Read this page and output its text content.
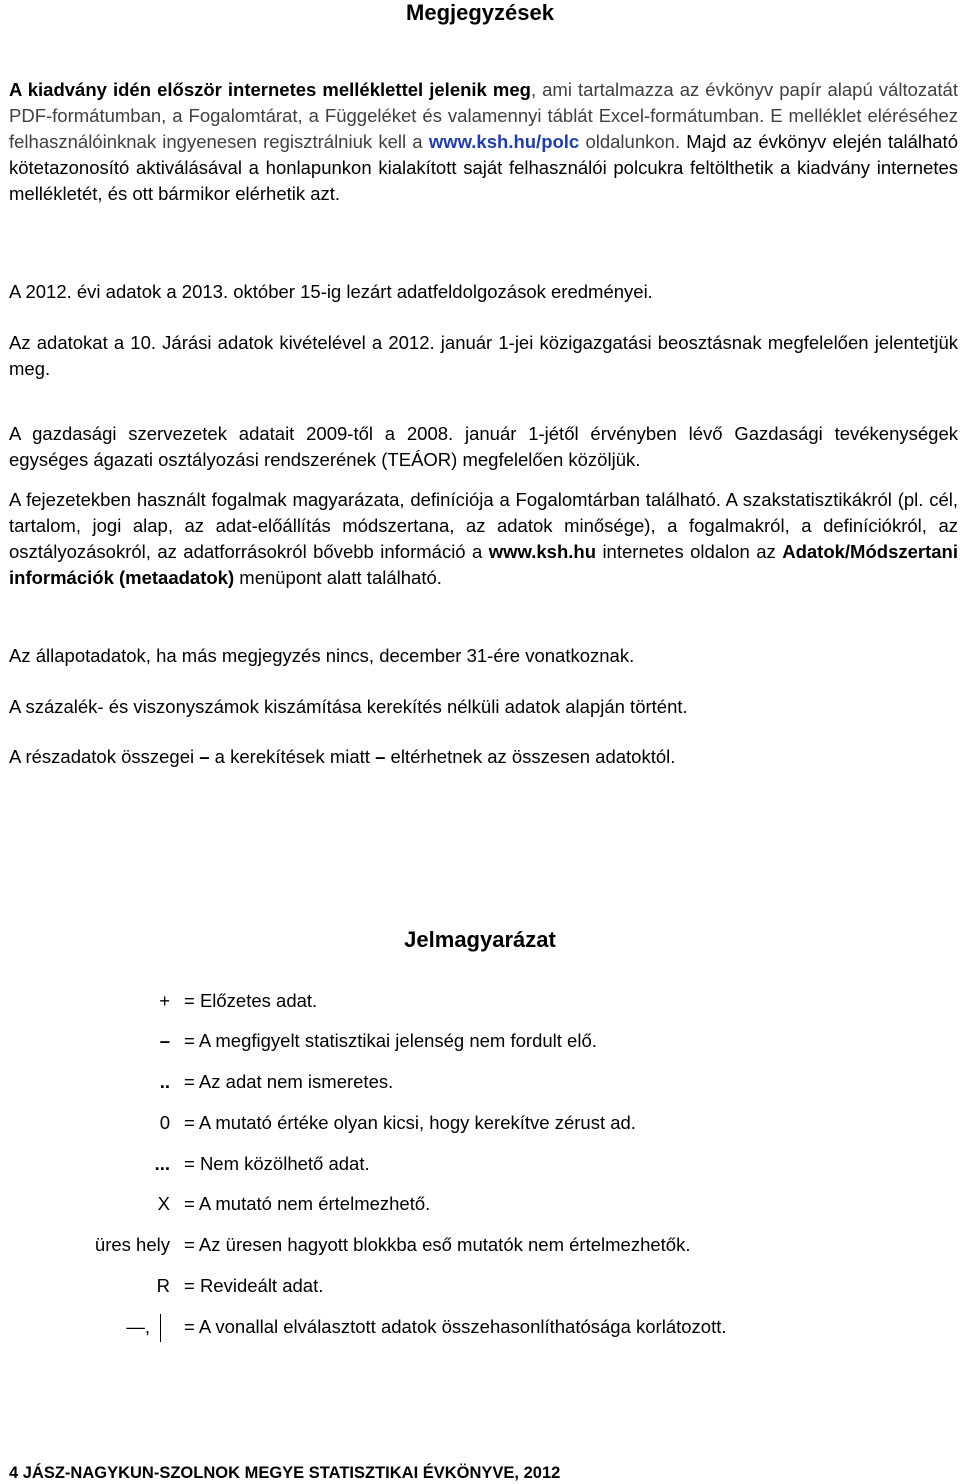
Megjegyzések
A kiadvány idén először internetes melléklettel jelenik meg, ami tartalmazza az évkönyv papír alapú változatát PDF-formátumban, a Fogalomtárat, a Függeléket és valamennyi táblát Excel-formátumban. E melléklet eléréséhez felhasználóinknak ingyenesen regisztrálniuk kell a www.ksh.hu/polc oldalunkon. Majd az évkönyv elején található kötetazonosító aktiválásával a honlapunkon kialakított saját felhasználói polcukra feltölthetik a kiadvány internetes mellékletét, és ott bármikor elérhetik azt.
A 2012. évi adatok a 2013. október 15-ig lezárt adatfeldolgozások eredményei.
Az adatokat a 10. Járási adatok kivételével a 2012. január 1-jei közigazgatási beosztásnak megfelelően jelentetjük meg.
A gazdasági szervezetek adatait 2009-től a 2008. január 1-jétől érvényben lévő Gazdasági tevékenységek egységes ágazati osztályozási rendszerének (TEÁOR) megfelelően közöljük.
A fejezetekben használt fogalmak magyarázata, definíciója a Fogalomtárban található. A szakstatisztikákról (pl. cél, tartalom, jogi alap, az adat-előállítás módszertana, az adatok minősége), a fogalmakról, a definíciókról, az osztályozásokról, az adatforrásokról bővebb információ a www.ksh.hu internetes oldalon az Adatok/Módszertani információk (metaadatok) menüpont alatt található.
Az állapotadatok, ha más megjegyzés nincs, december 31-ére vonatkoznak.
A százalék- és viszonyszámok kiszámítása kerekítés nélküli adatok alapján történt.
A részadatok összegei – a kerekítések miatt – eltérhetnek az összesen adatoktól.
Jelmagyarázat
+ = Előzetes adat.
– = A megfigyelt statisztikai jelenség nem fordult elő.
.. = Az adat nem ismeretes.
0 = A mutató értéke olyan kicsi, hogy kerekítve zérust ad.
... = Nem közölhető adat.
X = A mutató nem értelmezhető.
üres hely = Az üresen hagyott blokkba eső mutatók nem értelmezhetők.
R = Revideált adat.
—, = A vonallal elválasztott adatok összehasonlíthatósága korlátozott.
4 JÁSZ-NAGYKUN-SZOLNOK MEGYE STATISZTIKAI ÉVKÖNYVE, 2012
